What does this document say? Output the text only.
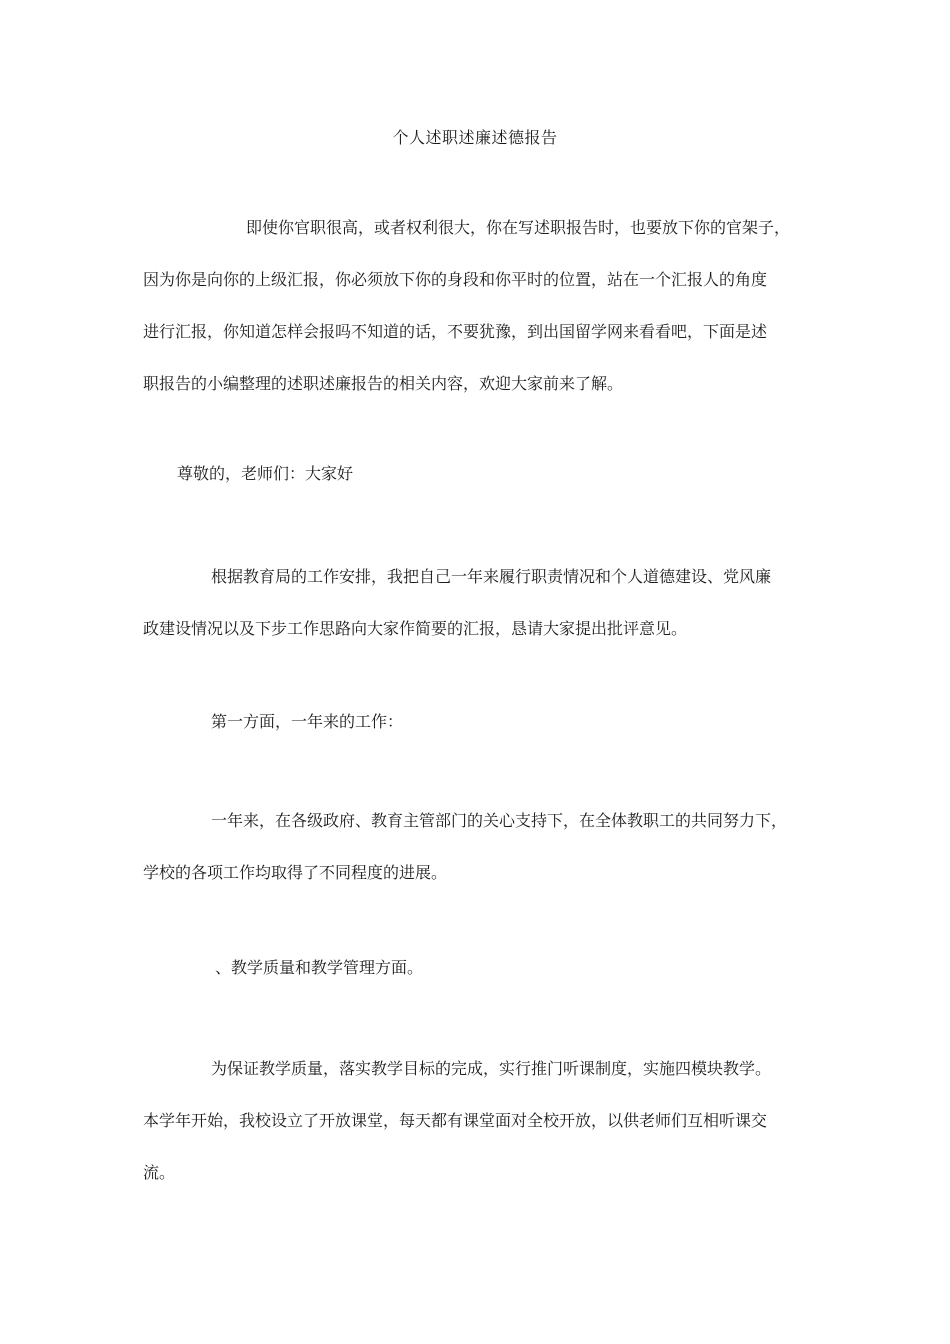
个人述职述廉述德报告

即使你官职很高，或者权利很大，你在写述职报告时，也要放下你的官架子，
因为你是向你的上级汇报，你必须放下你的身段和你平时的位置，站在一个汇报人的角度
进行汇报，你知道怎样会报吗不知道的话，不要犹豫，到出国留学网来看看吧，下面是述
职报告的小编整理的述职述廉报告的相关内容，欢迎大家前来了解。

尊敬的，老师们：大家好

根据教育局的工作安排，我把自己一年来履行职责情况和个人道德建设、党风廉
政建设情况以及下步工作思路向大家作简要的汇报，恳请大家提出批评意见。

第一方面，一年来的工作：

一年来，在各级政府、教育主管部门的关心支持下，在全体教职工的共同努力下，
学校的各项工作均取得了不同程度的进展。

、教学质量和教学管理方面。

为保证教学质量，落实教学目标的完成，实行推门听课制度，实施四模块教学。
本学年开始，我校设立了开放课堂，每天都有课堂面对全校开放，以供老师们互相听课交
流。
